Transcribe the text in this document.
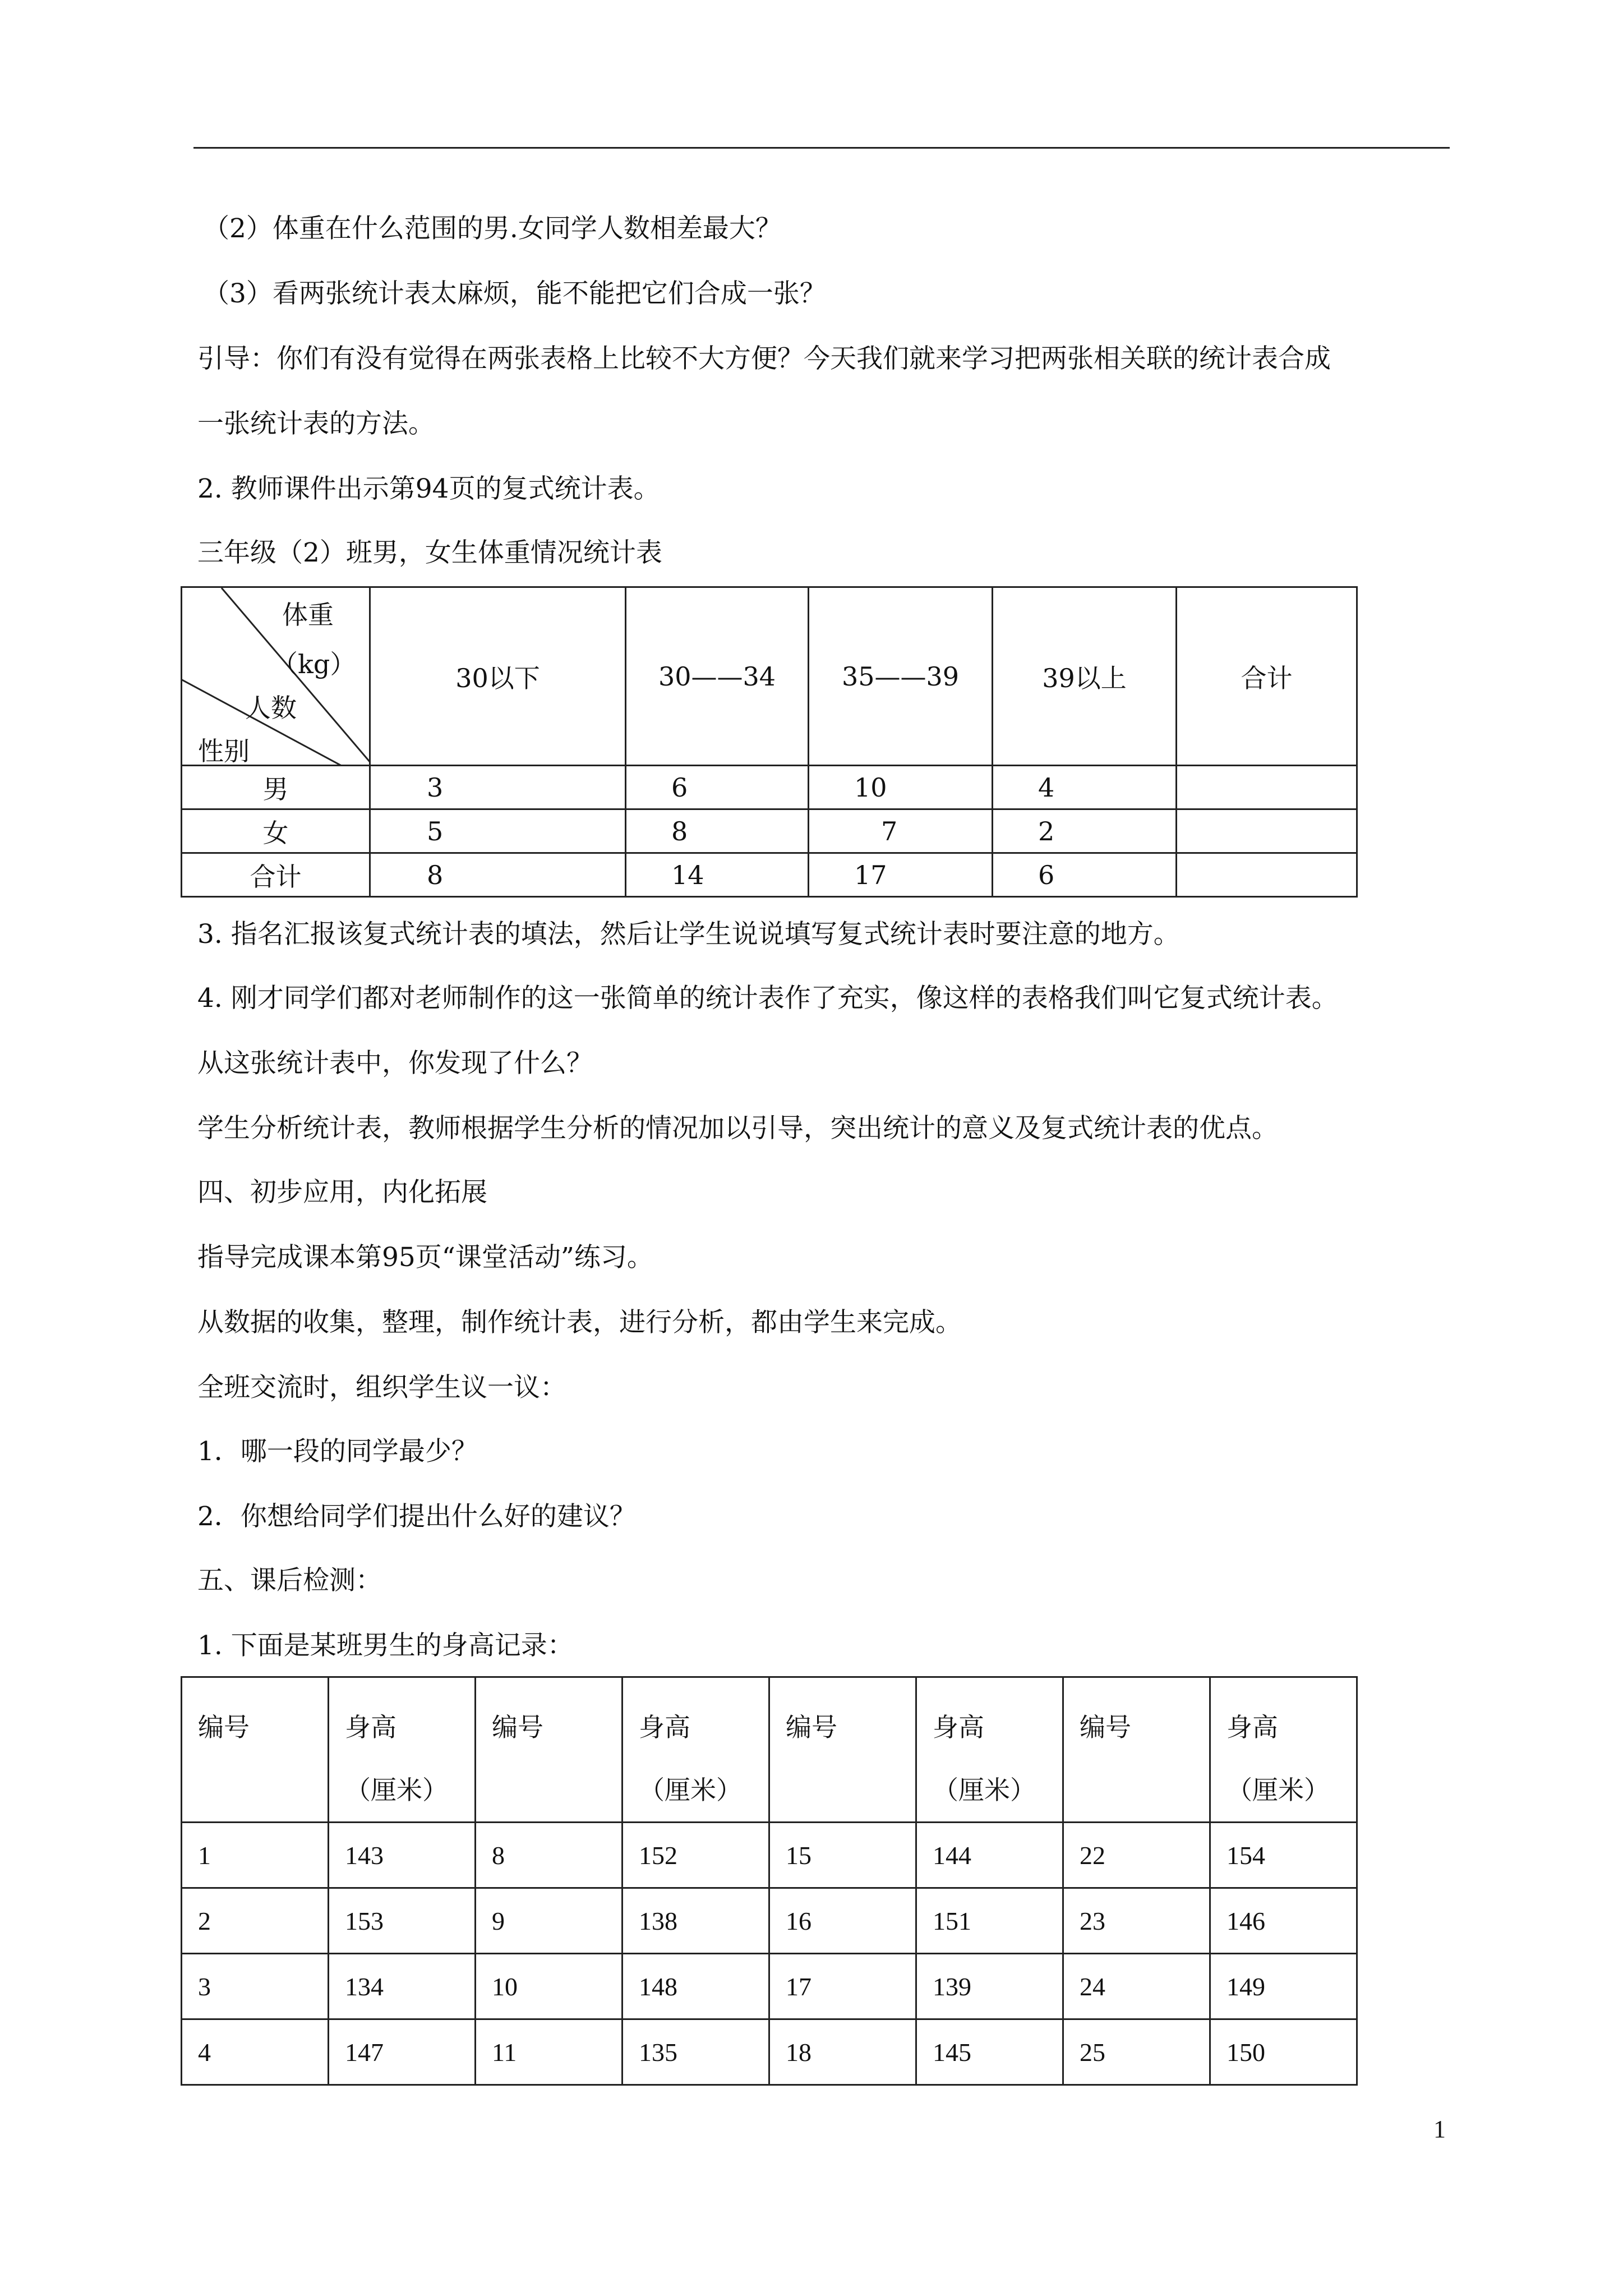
（2）体重在什么范围的男.女同学人数相差最大？
（3）看两张统计表太麻烦，能不能把它们合成一张？
引导：你们有没有觉得在两张表格上比较不大方便？今天我们就来学习把两张相关联的统计表合成
一张统计表的方法。
2. 教师课件出示第94页的复式统计表。
三年级（2）班男，女生体重情况统计表
体重
（kg）
人数
性别	30以下	30——34	35——39	39以上	合计
男	3	6	10	4	
女	5	8	7	2	
合计	8	14	17	6	
3. 指名汇报该复式统计表的填法，然后让学生说说填写复式统计表时要注意的地方。
4. 刚才同学们都对老师制作的这一张简单的统计表作了充实，像这样的表格我们叫它复式统计表。
从这张统计表中，你发现了什么？
学生分析统计表，教师根据学生分析的情况加以引导，突出统计的意义及复式统计表的优点。
四、初步应用，内化拓展
指导完成课本第95页“课堂活动”练习。
从数据的收集，整理，制作统计表，进行分析，都由学生来完成。
全班交流时，组织学生议一议：
1．哪一段的同学最少？
2．你想给同学们提出什么好的建议？
五、课后检测：
1. 下面是某班男生的身高记录：
编号	身高
（厘米）	编号	身高
（厘米）	编号	身高
（厘米）	编号	身高
（厘米）

1	143	8	152	15	144	22	154
2	153	9	138	16	151	23	146
3	134	10	148	17	139	24	149
4	147	11	135	18	145	25	150
1
